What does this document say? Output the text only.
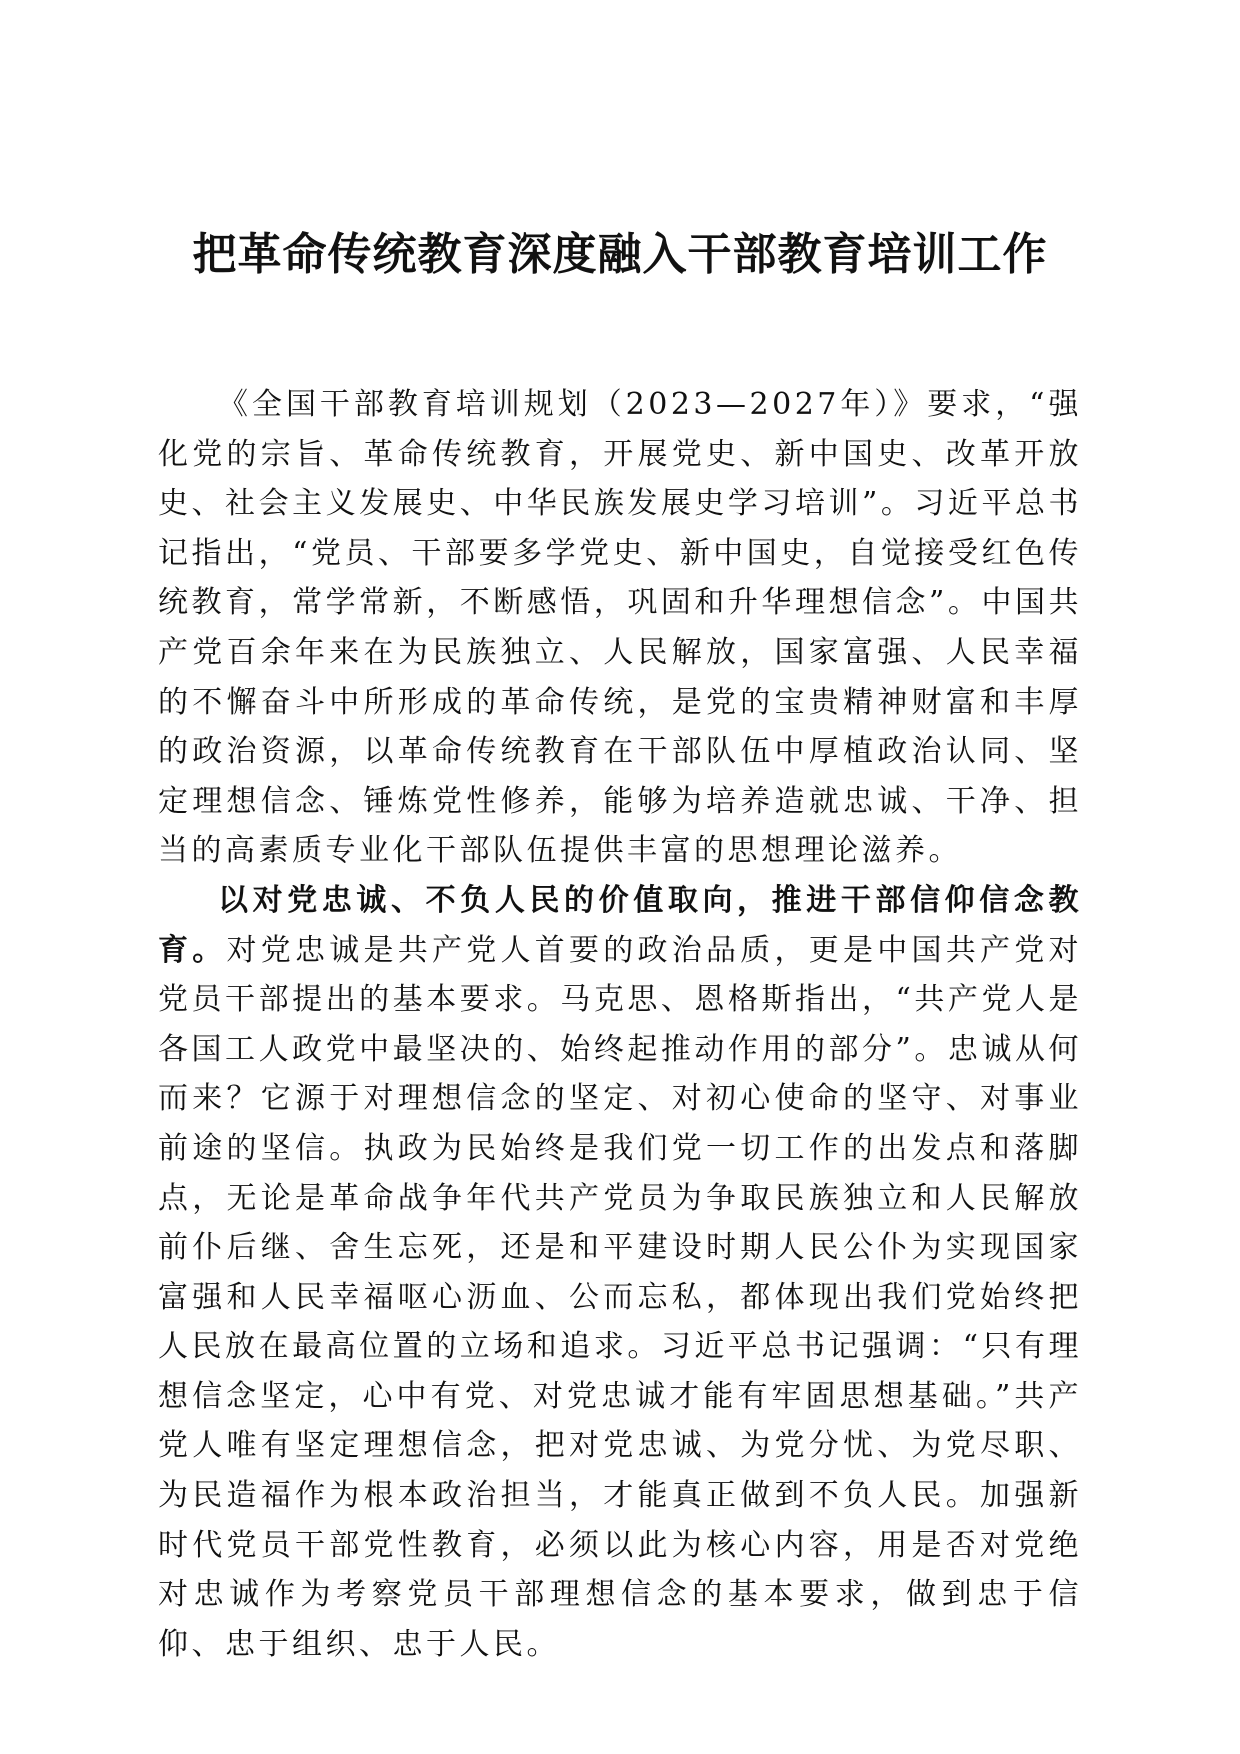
把革命传统教育深度融入干部教育培训工作

《全国干部教育培训规划（2023—2027年）》要求，“强化党的宗旨、革命传统教育，开展党史、新中国史、改革开放史、社会主义发展史、中华民族发展史学习培训”。习近平总书记指出，“党员、干部要多学党史、新中国史，自觉接受红色传统教育，常学常新，不断感悟，巩固和升华理想信念”。中国共产党百余年来在为民族独立、人民解放，国家富强、人民幸福的不懈奋斗中所形成的革命传统，是党的宝贵精神财富和丰厚的政治资源，以革命传统教育在干部队伍中厚植政治认同、坚定理想信念、锤炼党性修养，能够为培养造就忠诚、干净、担当的高素质专业化干部队伍提供丰富的思想理论滋养。

以对党忠诚、不负人民的价值取向，推进干部信仰信念教育。对党忠诚是共产党人首要的政治品质，更是中国共产党对党员干部提出的基本要求。马克思、恩格斯指出，“共产党人是各国工人政党中最坚决的、始终起推动作用的部分”。忠诚从何而来？它源于对理想信念的坚定、对初心使命的坚守、对事业前途的坚信。执政为民始终是我们党一切工作的出发点和落脚点，无论是革命战争年代共产党员为争取民族独立和人民解放前仆后继、舍生忘死，还是和平建设时期人民公仆为实现国家富强和人民幸福呕心沥血、公而忘私，都体现出我们党始终把人民放在最高位置的立场和追求。习近平总书记强调：“只有理想信念坚定，心中有党、对党忠诚才能有牢固思想基础。”共产党人唯有坚定理想信念，把对党忠诚、为党分忧、为党尽职、为民造福作为根本政治担当，才能真正做到不负人民。加强新时代党员干部党性教育，必须以此为核心内容，用是否对党绝对忠诚作为考察党员干部理想信念的基本要求，做到忠于信仰、忠于组织、忠于人民。
